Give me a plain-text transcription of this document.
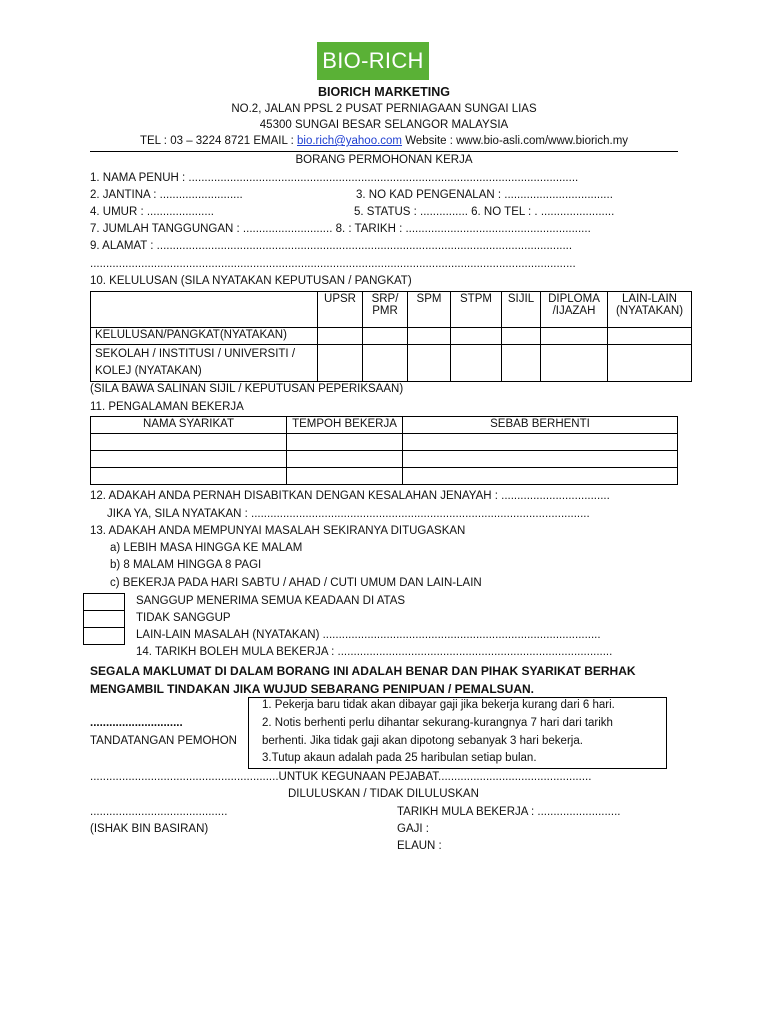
BIO-RICH
BIORICH MARKETING
NO.2, JALAN PPSL 2 PUSAT PERNIAGAAN SUNGAI LIAS
45300 SUNGAI BESAR SELANGOR MALAYSIA
TEL : 03 – 3224 8721 EMAIL : bio.rich@yahoo.com Website : www.bio-asli.com/www.biorich.my
BORANG PERMOHONAN KERJA
1. NAMA PENUH : ..........................................................................................................................
2. JANTINA : ..........................	3. NO KAD PENGENALAN : ..................................
4. UMUR : .....................	5. STATUS : ............... 6. NO TEL : . .......................
7. JUMLAH TANGGUNGAN : ............................ 8. : TARIKH : ..........................................................
9. ALAMAT : ..................................................................................................................................
........................................................................................................................................................
10. KELULUSAN (SILA NYATAKAN KEPUTUSAN / PANGKAT)
	UPSR	SRP/ PMR	SPM	STPM	SIJIL	DIPLOMA /IJAZAH	LAIN-LAIN (NYATAKAN)
KELULUSAN/PANGKAT(NYATAKAN)							
SEKOLAH / INSTITUSI / UNIVERSITI / KOLEJ (NYATAKAN)							
(SILA BAWA SALINAN SIJIL / KEPUTUSAN PEPERIKSAAN)
11. PENGALAMAN BEKERJA
NAMA SYARIKAT	TEMPOH BEKERJA	SEBAB BERHENTI

12. ADAKAH ANDA PERNAH DISABITKAN DENGAN KESALAHAN JENAYAH : ..................................
JIKA YA, SILA NYATAKAN : ..........................................................................................................
13. ADAKAH ANDA MEMPUNYAI MASALAH SEKIRANYA DITUGASKAN
a) LEBIH MASA HINGGA KE MALAM
b) 8 MALAM HINGGA 8 PAGI
c) BEKERJA PADA HARI SABTU / AHAD / CUTI UMUM DAN LAIN-LAIN
SANGGUP MENERIMA SEMUA KEADAAN DI ATAS
TIDAK SANGGUP
LAIN-LAIN MASALAH (NYATAKAN) .......................................................................................
14. TARIKH BOLEH MULA BEKERJA : ......................................................................................
SEGALA MAKLUMAT DI DALAM BORANG INI ADALAH BENAR DAN PIHAK SYARIKAT BERHAK
MENGAMBIL TINDAKAN JIKA WUJUD SEBARANG PENIPUAN / PEMALSUAN.
.............................
TANDATANGAN PEMOHON
1. Pekerja baru tidak akan dibayar gaji jika bekerja kurang dari 6 hari.
2. Notis berhenti perlu dihantar sekurang-kurangnya 7 hari dari tarikh
berhenti. Jika tidak gaji akan dipotong sebanyak 3 hari bekerja.
3.Tutup akaun adalah pada 25 haribulan setiap bulan.
...........................................................UNTUK KEGUNAAN PEJABAT................................................
DILULUSKAN / TIDAK DILULUSKAN
...........................................
(ISHAK BIN BASIRAN)
TARIKH MULA BEKERJA : ..........................
GAJI :
ELAUN :
